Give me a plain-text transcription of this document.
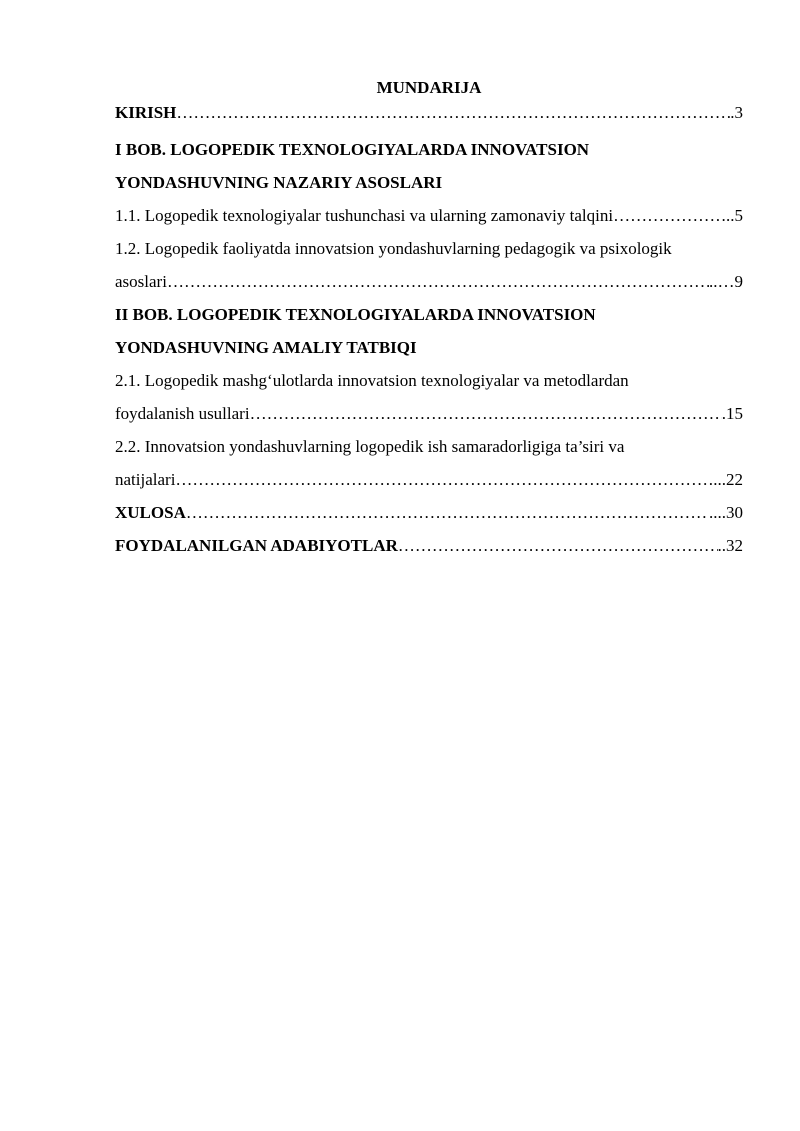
MUNDARIJA
KIRISH ……………………………………………………………………………………………………………………………………………………………………………………………………	.3
I BOB. LOGOPEDIK TEXNOLOGIYALARDA INNOVATSION
YONDASHUVNING NAZARIY ASOSLARI
1.1. Logopedik texnologiyalar tushunchasi va ularning zamonaviy talqini ……………………………………………………………………………………………………………………………………………………………………………………………………	..5
1.2. Logopedik faoliyatda innovatsion yondashuvlarning pedagogik va psixologik
asoslari ……………………………………………………………………………………………………………………………………………………………………………………………………	..…9
II BOB. LOGOPEDIK TEXNOLOGIYALARDA INNOVATSION
YONDASHUVNING AMALIY TATBIQI
2.1. Logopedik mashg‘ulotlarda innovatsion texnologiyalar va metodlardan
foydalanish usullari ……………………………………………………………………………………………………………………………………………………………………………………………………	.15
2.2. Innovatsion yondashuvlarning logopedik ish samaradorligiga ta’siri va
natijalari ……………………………………………………………………………………………………………………………………………………………………………………………………	...22
XULOSA ……………………………………………………………………………………………………………………………………………………………………………………………………	....30
FOYDALANILGAN ADABIYOTLAR ……………………………………………………………………………………………………………………………………………………………………………………………………	..32
